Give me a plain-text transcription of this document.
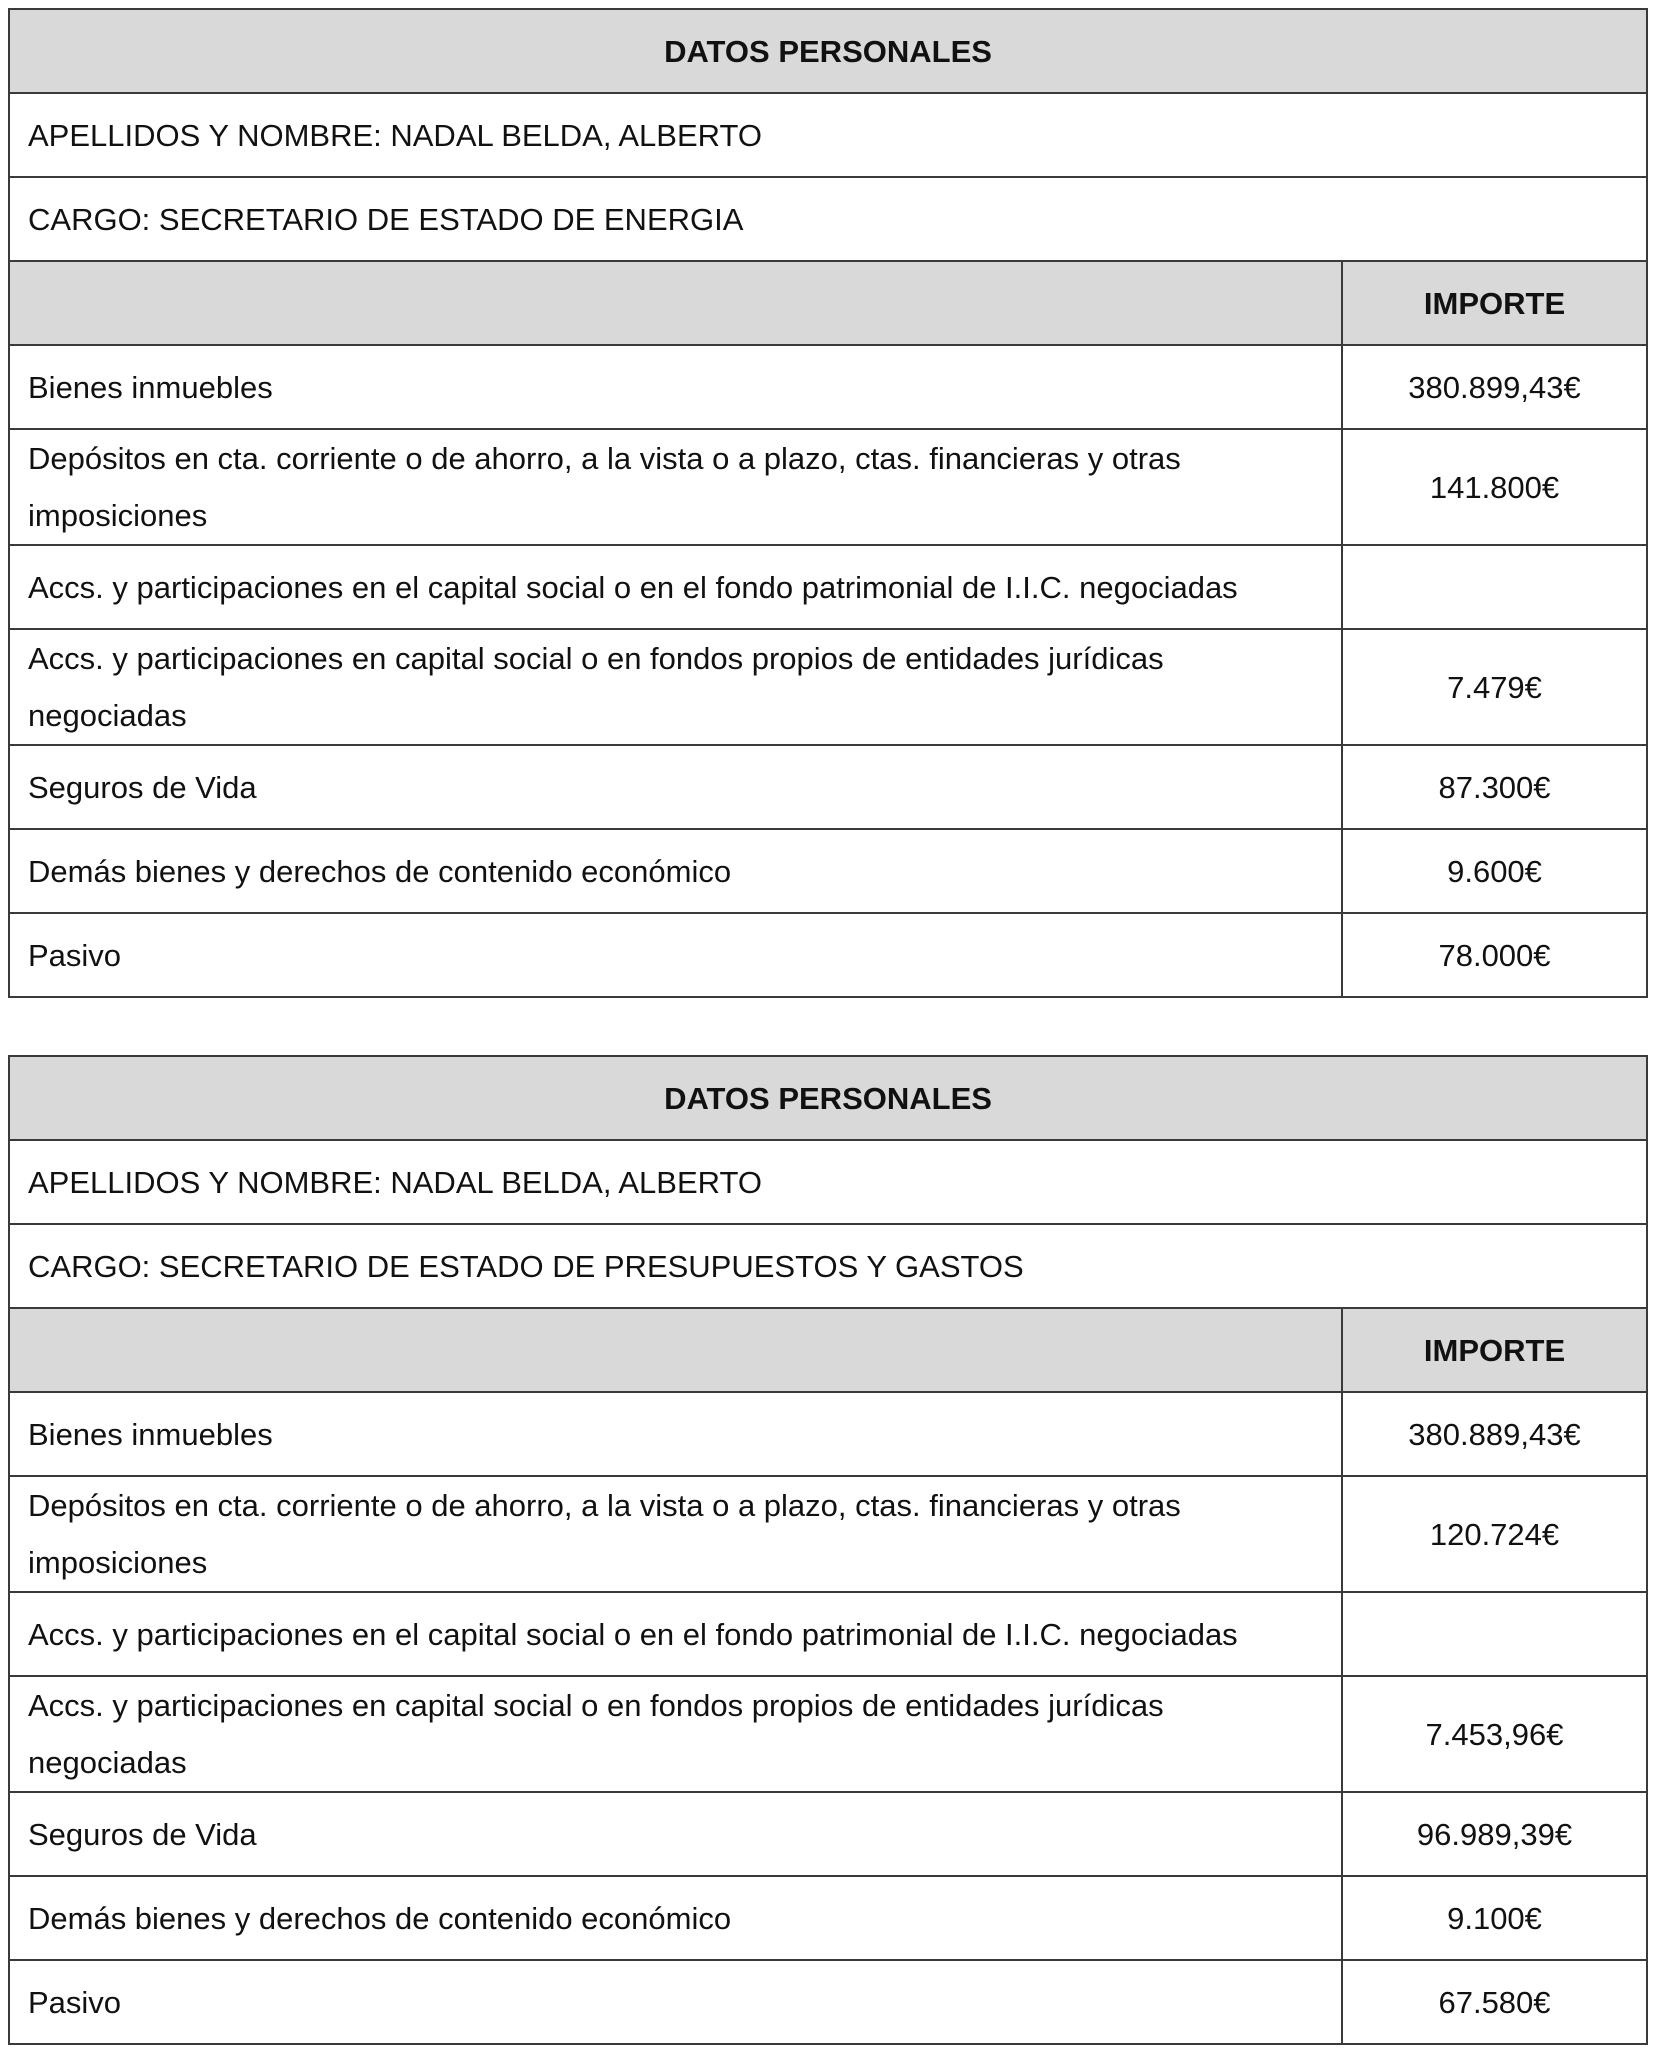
DATOS PERSONALES	
APELLIDOS Y NOMBRE: NADAL BELDA, ALBERTO	
CARGO: SECRETARIO DE ESTADO DE ENERGIA	
	IMPORTE
Bienes inmuebles	380.899,43€
Depósitos en cta. corriente o de ahorro, a la vista o a plazo, ctas. financieras y otras imposiciones	141.800€
Accs. y participaciones en el capital social o en el fondo patrimonial de I.I.C. negociadas	
Accs. y participaciones en capital social o en fondos propios de entidades jurídicas negociadas	7.479€
Seguros de Vida	87.300€
Demás bienes y derechos de contenido económico	9.600€
Pasivo	78.000€
DATOS PERSONALES	
APELLIDOS Y NOMBRE: NADAL BELDA, ALBERTO	
CARGO: SECRETARIO DE ESTADO DE PRESUPUESTOS Y GASTOS	
	IMPORTE
Bienes inmuebles	380.889,43€
Depósitos en cta. corriente o de ahorro, a la vista o a plazo, ctas. financieras y otras imposiciones	120.724€
Accs. y participaciones en el capital social o en el fondo patrimonial de I.I.C. negociadas	
Accs. y participaciones en capital social o en fondos propios de entidades jurídicas negociadas	7.453,96€
Seguros de Vida	96.989,39€
Demás bienes y derechos de contenido económico	9.100€
Pasivo	67.580€
